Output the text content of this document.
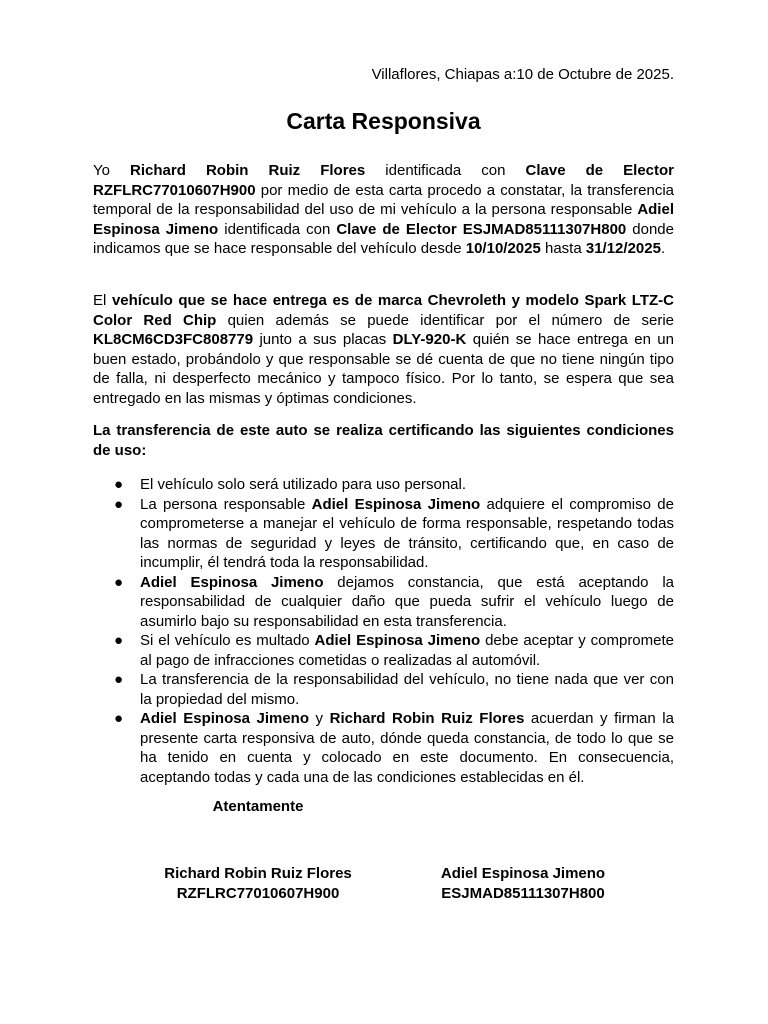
Villaflores, Chiapas a:10 de Octubre de 2025.
Carta Responsiva

Yo Richard Robin Ruiz Flores identificada con Clave de Elector RZFLRC77010607H900 por medio de esta carta procedo a constatar, la transferencia temporal de la responsabilidad del uso de mi vehículo a la persona responsable Adiel Espinosa Jimeno identificada con Clave de Elector ESJMAD85111307H800 donde indicamos que se hace responsable del vehículo desde 10/10/2025 hasta 31/12/2025.

El vehículo que se hace entrega es de marca Chevroleth y modelo Spark LTZ-C Color Red Chip quien además se puede identificar por el número de serie KL8CM6CD3FC808779 junto a sus placas DLY-920-K quién se hace entrega en un buen estado, probándolo y que responsable se dé cuenta de que no tiene ningún tipo de falla, ni desperfecto mecánico y tampoco físico. Por lo tanto, se espera que sea entregado en las mismas y óptimas condiciones.

La transferencia de este auto se realiza certificando las siguientes condiciones de uso:

● El vehículo solo será utilizado para uso personal.
● La persona responsable Adiel Espinosa Jimeno adquiere el compromiso de comprometerse a manejar el vehículo de forma responsable, respetando todas las normas de seguridad y leyes de tránsito, certificando que, en caso de incumplir, él tendrá toda la responsabilidad.
● Adiel Espinosa Jimeno dejamos constancia, que está aceptando la responsabilidad de cualquier daño que pueda sufrir el vehículo luego de asumirlo bajo su responsabilidad en esta transferencia.
● Si el vehículo es multado Adiel Espinosa Jimeno debe aceptar y compromete al pago de infracciones cometidas o realizadas al automóvil.
● La transferencia de la responsabilidad del vehículo, no tiene nada que ver con la propiedad del mismo.
● Adiel Espinosa Jimeno y Richard Robin Ruiz Flores acuerdan y firman la presente carta responsiva de auto, dónde queda constancia, de todo lo que se ha tenido en cuenta y colocado en este documento. En consecuencia, aceptando todas y cada una de las condiciones establecidas en él.
Atentamente
Richard Robin Ruiz Flores
RZFLRC77010607H900
Adiel Espinosa Jimeno
ESJMAD85111307H800
